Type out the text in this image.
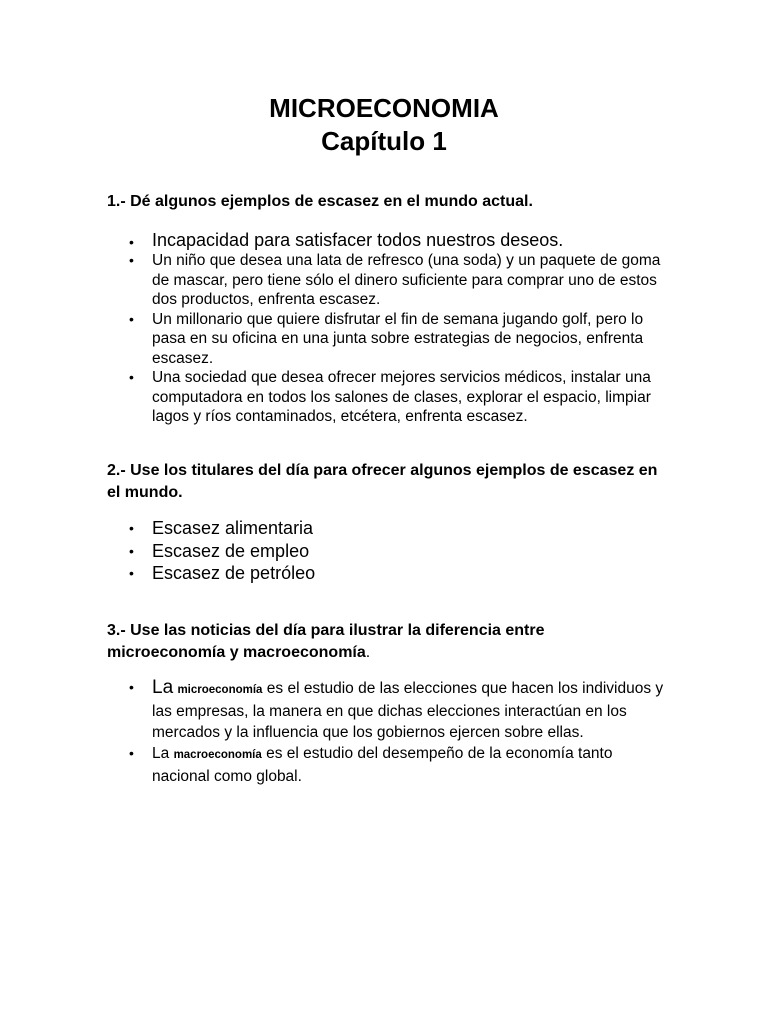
MICROECONOMIA
Capítulo 1
1.- Dé algunos ejemplos de escasez en el mundo actual.
• Incapacidad para satisfacer todos nuestros deseos.
• Un niño que desea una lata de refresco (una soda) y un paquete de goma de mascar, pero tiene sólo el dinero suficiente para comprar uno de estos dos productos, enfrenta escasez.
• Un millonario que quiere disfrutar el fin de semana jugando golf, pero lo pasa en su oficina en una junta sobre estrategias de negocios, enfrenta escasez.
• Una sociedad que desea ofrecer mejores servicios médicos, instalar una computadora en todos los salones de clases, explorar el espacio, limpiar lagos y ríos contaminados, etcétera, enfrenta escasez.
2.- Use los titulares del día para ofrecer algunos ejemplos de escasez en el mundo.
• Escasez alimentaria
• Escasez de empleo
• Escasez de petróleo
3.- Use las noticias del día para ilustrar la diferencia entre microeconomía y macroeconomía.
• La microeconomía es el estudio de las elecciones que hacen los individuos y las empresas, la manera en que dichas elecciones interactúan en los mercados y la influencia que los gobiernos ejercen sobre ellas.
• La macroeconomía es el estudio del desempeño de la economía tanto nacional como global.
